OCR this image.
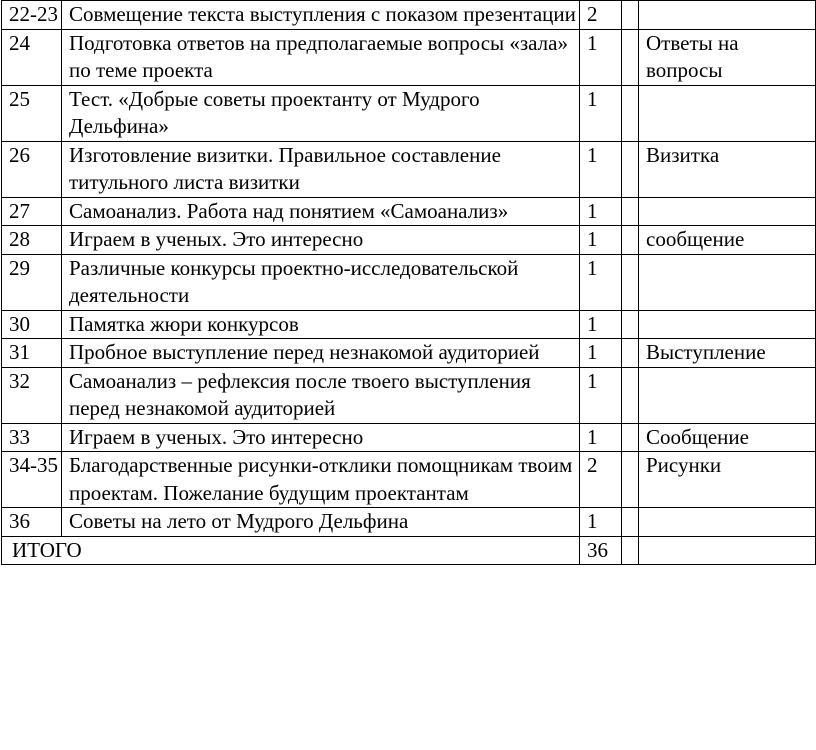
22-23	Совмещение текста выступления с показом презентации	2		
24	Подготовка ответов на предполагаемые вопросы «зала» по теме проекта	1		Ответы на вопросы
25	Тест. «Добрые советы проектанту от Мудрого Дельфина»	1		
26	Изготовление визитки. Правильное составление титульного листа визитки	1		Визитка
27	Самоанализ. Работа над понятием «Самоанализ»	1		
28	Играем в ученых. Это интересно	1		сообщение
29	Различные конкурсы проектно-исследовательской деятельности	1		
30	Памятка жюри конкурсов	1		
31	Пробное выступление перед незнакомой аудиторией	1		Выступление
32	Самоанализ – рефлексия после твоего выступления перед незнакомой аудиторией	1		
33	Играем в ученых. Это интересно	1		Сообщение
34-35	Благодарственные рисунки-отклики помощникам твоим проектам. Пожелание будущим проектантам	2		Рисунки
36	Советы на лето от Мудрого Дельфина	1		
ИТОГО		36		
